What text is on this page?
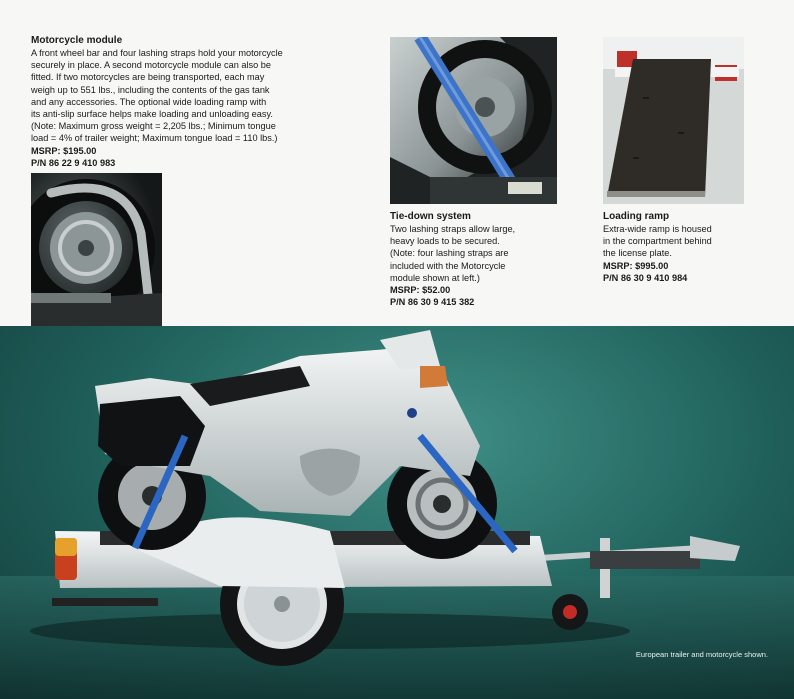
Motorcycle module

A front wheel bar and four lashing straps hold your motorcycle
securely in place. A second motorcycle module can also be
fitted. If two motorcycles are being transported, each may
weigh up to 551 lbs., including the contents of the gas tank
and any accessories. The optional wide loading ramp with
its anti-slip surface helps make loading and unloading easy.
(Note: Maximum gross weight = 2,205 lbs.; Minimum tongue
load = 4% of trailer weight; Maximum tongue load = 110 lbs.)

MSRP: $195.00

P/N 86 22 9 410 983

Tie-down system

Two lashing straps allow large,
heavy loads to be secured.
(Note: four lashing straps are
included with the Motorcycle
module shown at left.)

MSRP: $52.00

P/N 86 30 9 415 382

Loading ramp

Extra-wide ramp is housed
in the compartment behind
the license plate.

MSRP: $995.00

P/N 86 30 9 410 984

European trailer and motorcycle shown.
